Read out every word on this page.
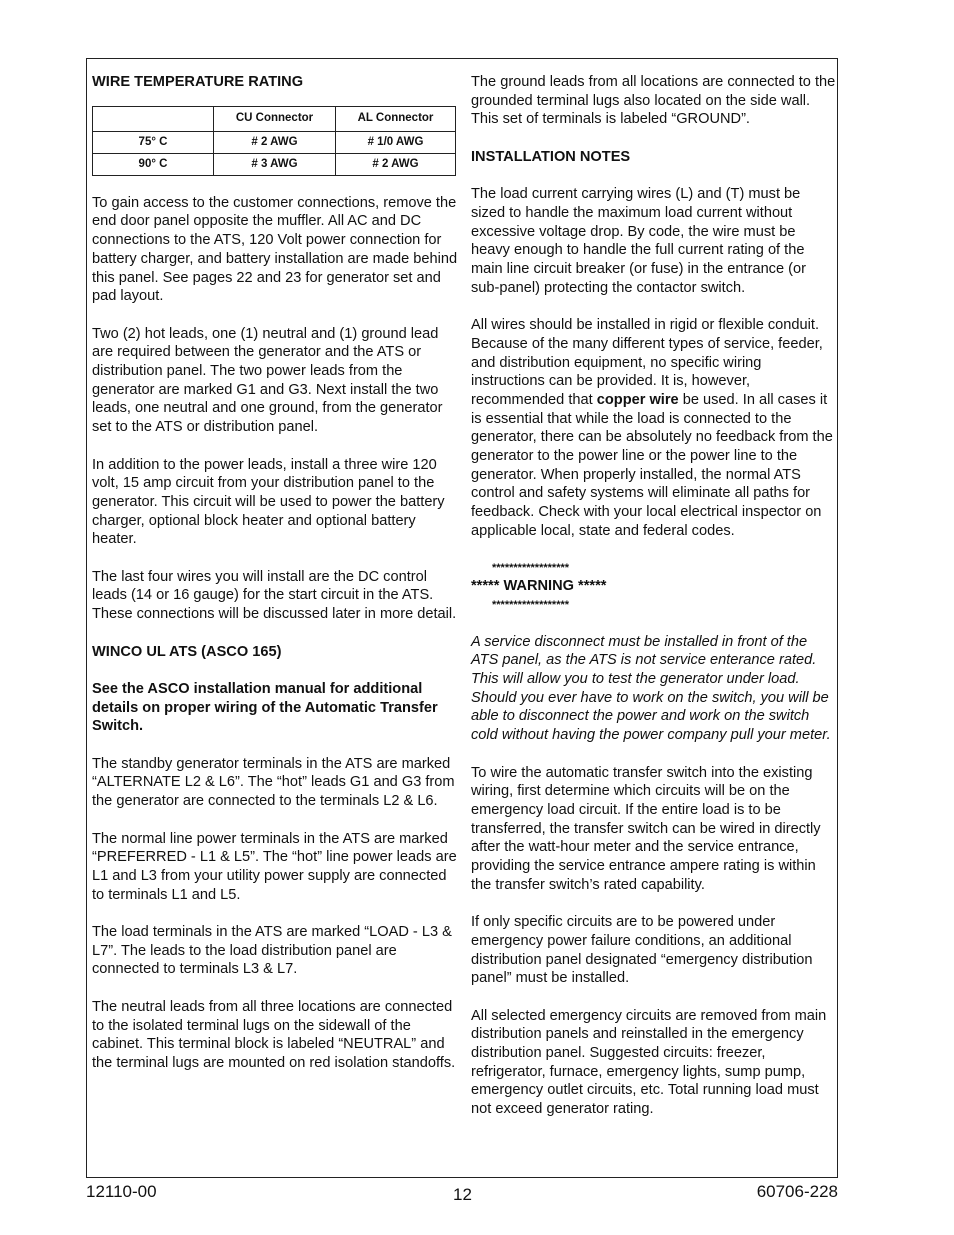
WIRE TEMPERATURE RATING
	CU Connector	AL Connector
75° C	# 2 AWG	# 1/0 AWG
90° C	# 3 AWG	# 2 AWG

To gain access to the customer connections, remove the end door panel opposite the muffler. All AC and DC connections to the ATS, 120 Volt power connection for battery charger, and battery installation are made behind this panel. See pages 22 and 23 for generator set and pad layout.

Two (2) hot leads, one (1) neutral and (1) ground lead are required between the generator and the ATS or distribution panel. The two power leads from the generator are marked G1 and G3. Next install the two leads, one neutral and one ground, from the generator set to the ATS or distribution panel.

In addition to the power leads, install a three wire 120 volt, 15 amp circuit from your distribution panel to the generator. This circuit will be used to power the battery charger, optional block heater and optional battery heater.

The last four wires you will install are the DC control leads (14 or 16 gauge) for the start circuit in the ATS. These connections will be discussed later in more detail.

WINCO UL ATS (ASCO 165)

See the ASCO installation manual for additional details on proper wiring of the Automatic Transfer Switch.

The standby generator terminals in the ATS are marked “ALTERNATE L2 & L6”. The “hot” leads G1 and G3 from the generator are connected to the terminals L2 & L6.

The normal line power terminals in the ATS are marked “PREFERRED - L1 & L5”. The “hot” line power leads are L1 and L3 from your utility power supply are connected to terminals L1 and L5.

The load terminals in the ATS are marked “LOAD - L3 & L7”. The leads to the load distribution panel are connected to terminals L3 & L7.

The neutral leads from all three locations are connected to the isolated terminal lugs on the sidewall of the cabinet. This terminal block is labeled “NEUTRAL” and the terminal lugs are mounted on red isolation standoffs.

The ground leads from all locations are connected to the grounded terminal lugs also located on the side wall. This set of terminals is labeled “GROUND”.

INSTALLATION NOTES

The load current carrying wires (L) and (T) must be sized to handle the maximum load current without excessive voltage drop. By code, the wire must be heavy enough to handle the full current rating of the main line circuit breaker (or fuse) in the entrance (or sub-panel) protecting the contactor switch.

All wires should be installed in rigid or flexible conduit. Because of the many different types of service, feeder, and distribution equipment, no specific wiring instructions can be provided. It is, however, recommended that copper wire be used. In all cases it is essential that while the load is connected to the generator, there can be absolutely no feedback from the generator to the power line or the power line to the generator. When properly installed, the normal ATS control and safety systems will eliminate all paths for feedback. Check with your local electrical inspector on applicable local, state and federal codes.

******************
***** WARNING *****
******************

A service disconnect must be installed in front of the ATS panel, as the ATS is not service enterance rated. This will allow you to test the generator under load. Should you ever have to work on the switch, you will be able to disconnect the power and work on the switch cold without having the power company pull your meter.

To wire the automatic transfer switch into the existing wiring, first determine which circuits will be on the emergency load circuit. If the entire load is to be transferred, the transfer switch can be wired in directly after the watt-hour meter and the service entrance, providing the service entrance ampere rating is within the transfer switch’s rated capability.

If only specific circuits are to be powered under emergency power failure conditions, an additional distribution panel designated “emergency distribution panel” must be installed.

All selected emergency circuits are removed from main distribution panels and reinstalled in the emergency distribution panel. Suggested circuits: freezer, refrigerator, furnace, emergency lights, sump pump, emergency outlet circuits, etc. Total running load must not exceed generator rating.

12110-00	12	60706-228
